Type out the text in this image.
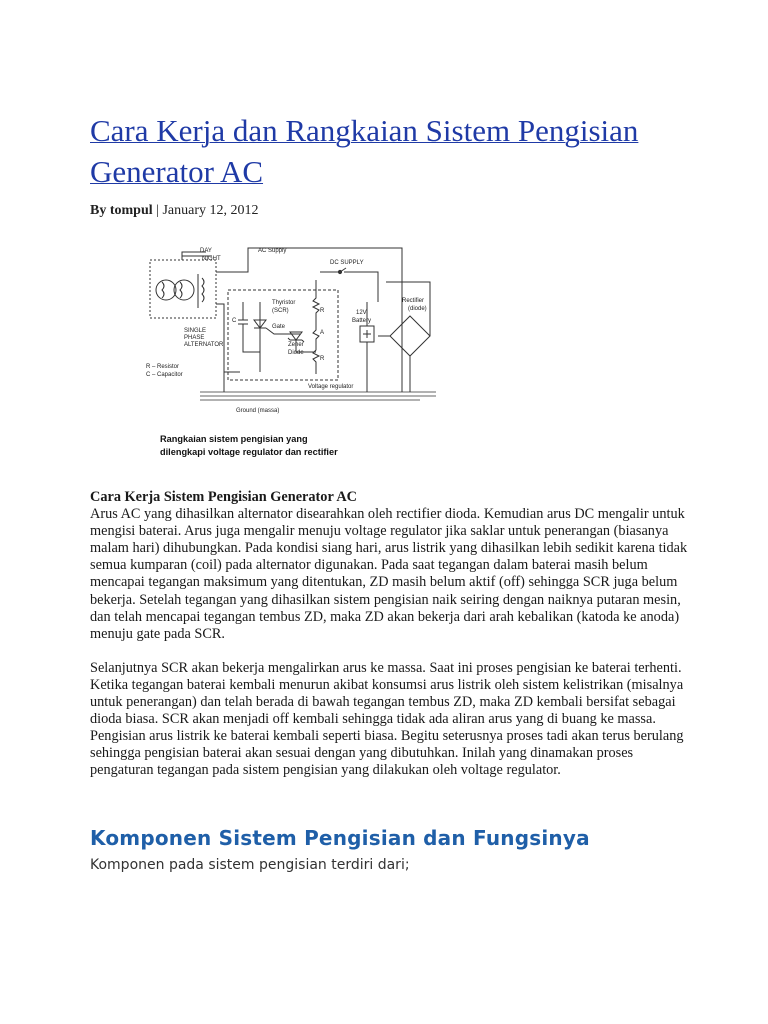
Cara Kerja dan Rangkaian Sistem Pengisian Generator AC
By tompul | January 12, 2012
DAY
NIGHT
AC Supply
DC SUPPLY
Thyristor
(SCR)
Gate
Zener
Diode
R
A
R
C
12V
Battery
Rectifier
(diode)
SINGLE
PHASE
ALTERNATOR
R – Resistor
C – Capacitor
Voltage regulator
Ground (massa)
Rangkaian sistem pengisian yang
dilengkapi voltage regulator dan rectifier

Cara Kerja Sistem Pengisian Generator AC
Arus AC yang dihasilkan alternator disearahkan oleh rectifier dioda. Kemudian arus DC mengalir untuk mengisi baterai. Arus juga mengalir menuju voltage regulator jika saklar untuk penerangan (biasanya malam hari) dihubungkan. Pada kondisi siang hari, arus listrik yang dihasilkan lebih sedikit karena tidak semua kumparan (coil) pada alternator digunakan. Pada saat tegangan dalam baterai masih belum mencapai tegangan maksimum yang ditentukan, ZD masih belum aktif (off) sehingga SCR juga belum bekerja. Setelah tegangan yang dihasilkan sistem pengisian naik seiring dengan naiknya putaran mesin, dan telah mencapai tegangan tembus ZD, maka ZD akan bekerja dari arah kebalikan (katoda ke anoda) menuju gate pada SCR.

Selanjutnya SCR akan bekerja mengalirkan arus ke massa. Saat ini proses pengisian ke baterai terhenti. Ketika tegangan baterai kembali menurun akibat konsumsi arus listrik oleh sistem kelistrikan (misalnya untuk penerangan) dan telah berada di bawah tegangan tembus ZD, maka ZD kembali bersifat sebagai dioda biasa. SCR akan menjadi off kembali sehingga tidak ada aliran arus yang di buang ke massa. Pengisian arus listrik ke baterai kembali seperti biasa. Begitu seterusnya proses tadi akan terus berulang sehingga pengisian baterai akan sesuai dengan yang dibutuhkan. Inilah yang dinamakan proses pengaturan tegangan pada sistem pengisian yang dilakukan oleh voltage regulator.

Komponen Sistem Pengisian dan Fungsinya
Komponen pada sistem pengisian terdiri dari;
